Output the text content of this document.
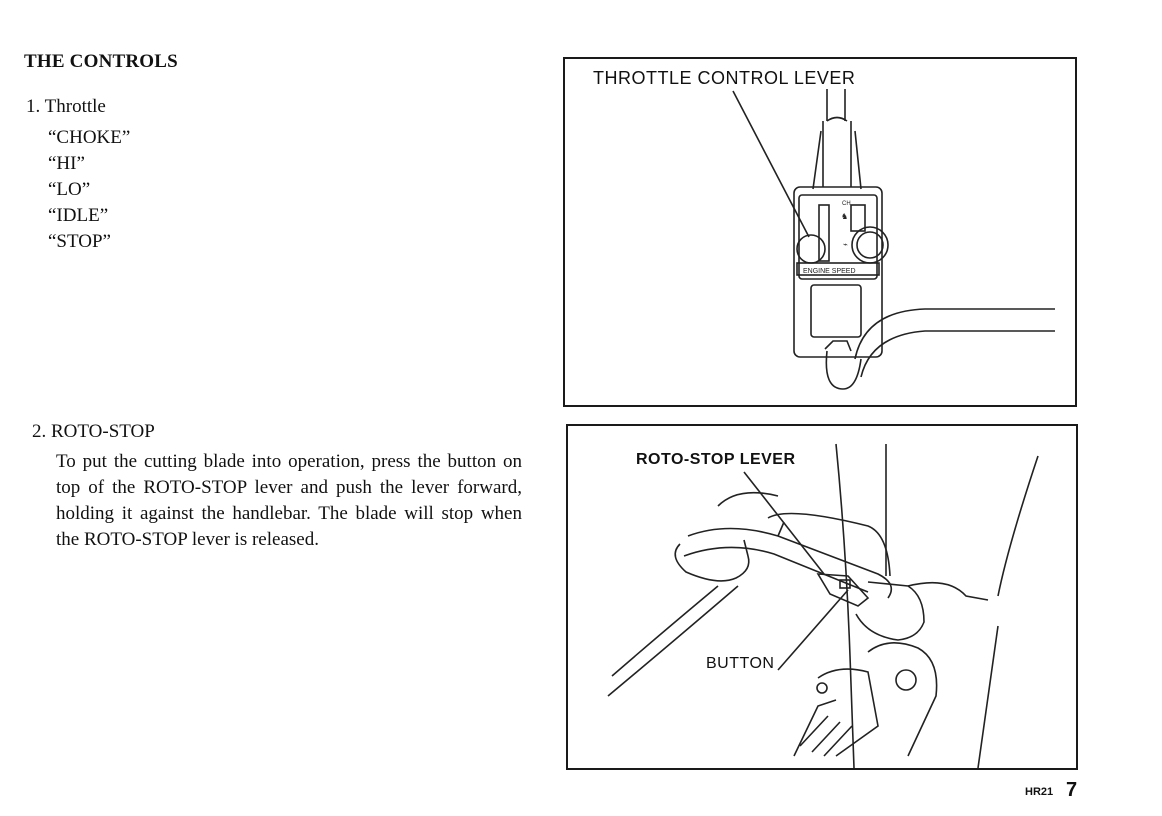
THE CONTROLS
1. Throttle
“CHOKE”
“HI”
“LO”
“IDLE”
“STOP”
2. ROTO-STOP
To put the cutting blade into operation, press the button on top of the ROTO-STOP lever and push the lever forward, holding it against the handlebar. The blade will stop when the ROTO-STOP lever is released.
CH
♞
⌁
ENGINE SPEED
THROTTLE CONTROL LEVER
ROTO-STOP LEVER
BUTTON
HR21 7
